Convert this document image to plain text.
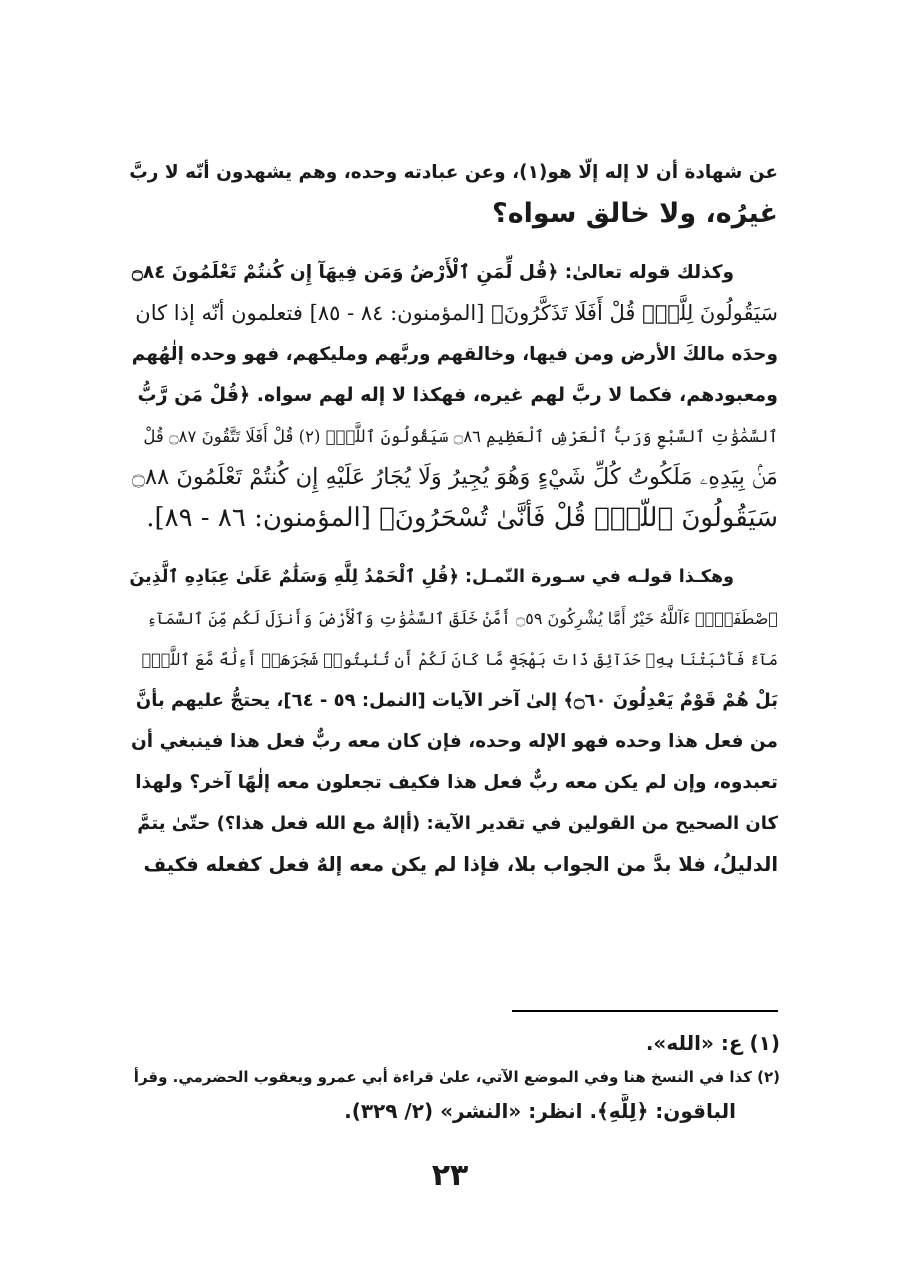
عن شهادة أن لا إله إلّا هو(١)، وعن عبادته وحده، وهم يشهدون أنّه لا ربَّ
غيرُه، ولا خالق سواه؟
وكذلك قوله تعالىٰ: ﴿قُل لِّمَنِ ٱلْأَرْضُ وَمَن فِيهَآ إِن كُنتُمْ تَعْلَمُونَ ۝٨٤
سَيَقُولُونَ لِلَّهِۚ قُلْ أَفَلَا تَذَكَّرُونَ﴾ [المؤمنون: ٨٤ - ٨٥] فتعلمون أنّه إذا كان
وحدَه مالكَ الأرض ومن فيها، وخالقهم وربَّهم ومليكهم، فهو وحده إلٰهُهم
ومعبودهم، فكما لا ربَّ لهم غيره، فهكذا لا إله لهم سواه. ﴿قُلْ مَن رَّبُّ
ٱلسَّمَٰوَٰتِ ٱلسَّبْعِ وَرَبُّ ٱلْعَرْشِ ٱلْعَظِيمِ ۝٨٦ سَيَقُولُونَ ٱللَّهُۚ (٢) قُلْ أَفَلَا تَتَّقُونَ ۝٨٧ قُلْ
مَنۢ بِيَدِهِۦ مَلَكُوتُ كُلِّ شَيْءٍ وَهُوَ يُجِيرُ وَلَا يُجَارُ عَلَيْهِ إِن كُنتُمْ تَعْلَمُونَ ۝٨٨
سَيَقُولُونَ ٱللَّهُۚ قُلْ فَأَنَّىٰ تُسْحَرُونَ﴾ [المؤمنون: ٨٦ - ٨٩].
وهكـذا قولـه في سـورة النّمـل: ﴿قُلِ ٱلْحَمْدُ لِلَّهِ وَسَلَٰمٌ عَلَىٰ عِبَادِهِ ٱلَّذِينَ
ٱصْطَفَىٰٓۗ ءَآللَّهُ خَيْرٌ أَمَّا يُشْرِكُونَ ۝٥٩ أَمَّنْ خَلَقَ ٱلسَّمَٰوَٰتِ وَٱلْأَرْضَ وَأَنزَلَ لَكُم مِّنَ ٱلسَّمَآءِ
مَآءً فَأَنۢبَتْنَا بِهِۦ حَدَآئِقَ ذَاتَ بَهْجَةٍ مَّا كَانَ لَكُمْ أَن تُنۢبِتُوا۟ شَجَرَهَآۗ أَءِلَٰهٌ مَّعَ ٱللَّهِۚ
بَلْ هُمْ قَوْمٌ يَعْدِلُونَ ۝٦٠﴾ إلىٰ آخر الآيات [النمل: ٥٩ - ٦٤]، يحتجُّ عليهم بأنَّ
من فعل هذا وحده فهو الإله وحده، فإن كان معه ربٌّ فعل هذا فينبغي أن
تعبدوه، وإن لم يكن معه ربٌّ فعل هذا فكيف تجعلون معه إلٰهًا آخر؟ ولهذا
كان الصحيح من القولين في تقدير الآية: (أإلهٌ مع الله فعل هذا؟) حتّىٰ يتمَّ
الدليلُ، فلا بدَّ من الجواب بلا، فإذا لم يكن معه إلهٌ فعل كفعله فكيف
(١) ع: «الله».
(٢) كذا في النسخ هنا وفي الموضع الآتي، علىٰ قراءة أبي عمرو ويعقوب الحضرمي. وقرأ
الباقون: ﴿لِلَّهِ﴾. انظر: «النشر» (٢/ ٣٢٩).
٢٣
